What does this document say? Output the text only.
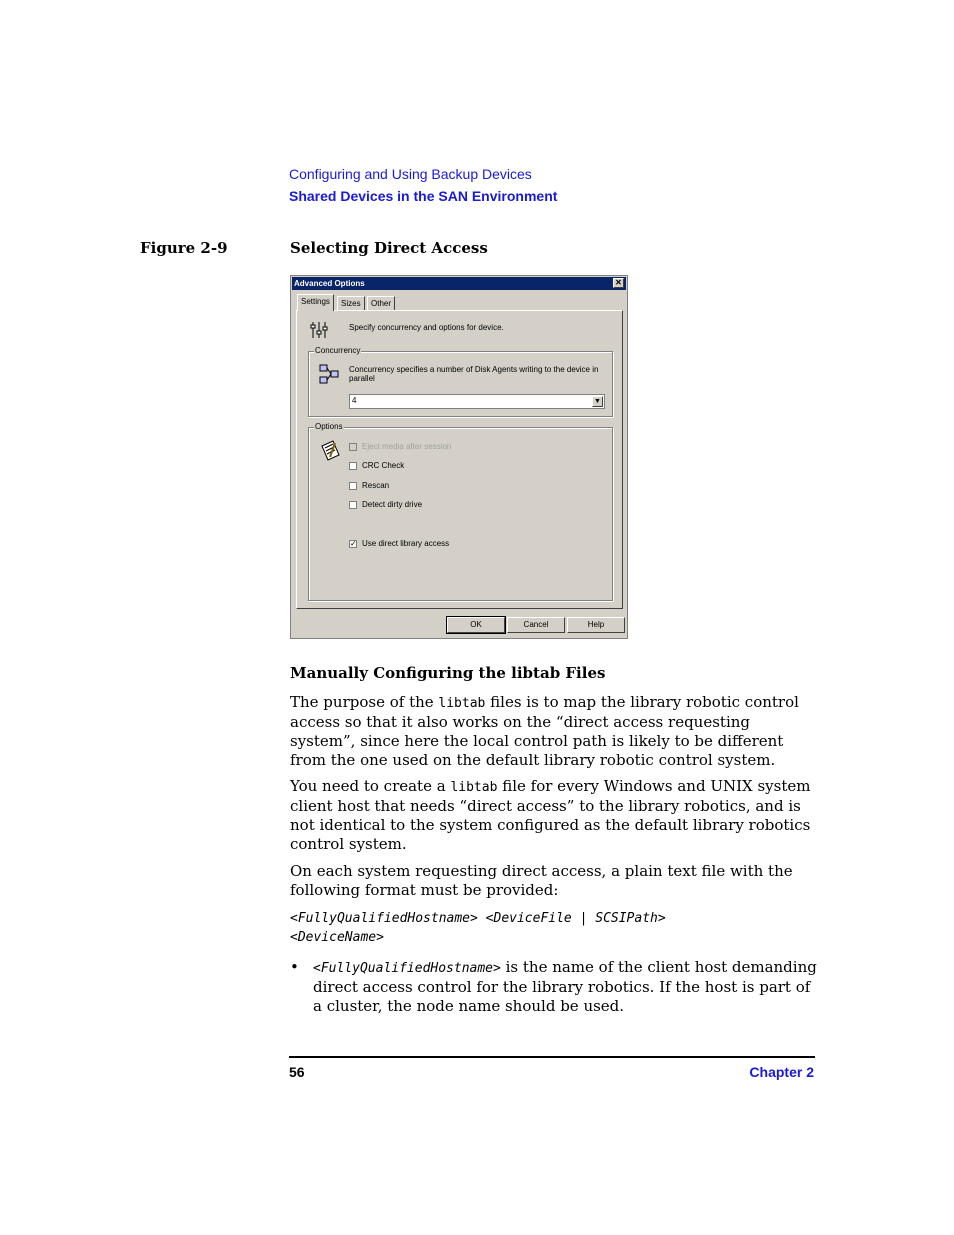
Configuring and Using Backup Devices
Shared Devices in the SAN Environment
Figure 2-9	Selecting Direct Access
Advanced Options	✕
Settings	Sizes	Other
Specify concurrency and options for device.
Concurrency
Concurrency specifies a number of Disk Agents writing to the device in parallel
4	▼
Options
Eject media after session
CRC Check
Rescan
Detect dirty drive
✓ Use direct library access
OK	Cancel	Help
Manually Configuring the libtab Files
The purpose of the libtab files is to map the library robotic control access so that it also works on the “direct access requesting system”, since here the local control path is likely to be different from the one used on the default library robotic control system.
You need to create a libtab file for every Windows and UNIX system client host that needs “direct access” to the library robotics, and is not identical to the system configured as the default library robotics control system.
On each system requesting direct access, a plain text file with the following format must be provided:
<FullyQualifiedHostname> <DeviceFile | SCSIPath>
<DeviceName>
• <FullyQualifiedHostname> is the name of the client host demanding direct access control for the library robotics. If the host is part of a cluster, the node name should be used.
56	Chapter 2
